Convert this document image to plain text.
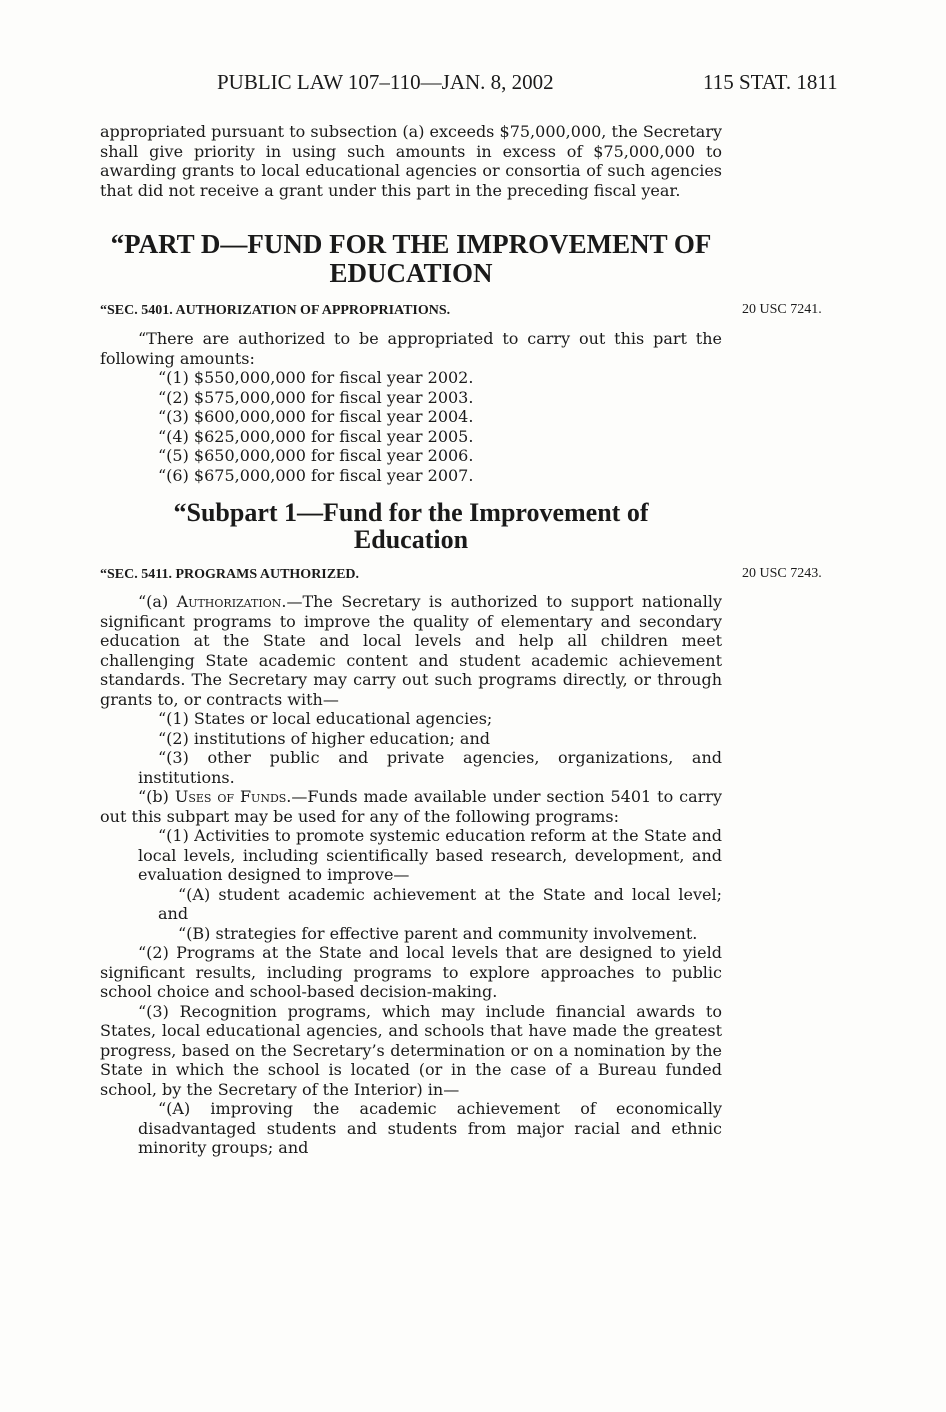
PUBLIC LAW 107–110—JAN. 8, 2002	115 STAT. 1811

appropriated pursuant to subsection (a) exceeds $75,000,000, the Secretary shall give priority in using such amounts in excess of $75,000,000 to awarding grants to local educational agencies or consortia of such agencies that did not receive a grant under this part in the preceding fiscal year.

“PART D—FUND FOR THE IMPROVEMENT OF
EDUCATION
“SEC. 5401. AUTHORIZATION OF APPROPRIATIONS.

“There are authorized to be appropriated to carry out this part the following amounts:

“(1) $550,000,000 for fiscal year 2002.

“(2) $575,000,000 for fiscal year 2003.

“(3) $600,000,000 for fiscal year 2004.

“(4) $625,000,000 for fiscal year 2005.

“(5) $650,000,000 for fiscal year 2006.

“(6) $675,000,000 for fiscal year 2007.

20 USC 7241.
“Subpart 1—Fund for the Improvement of
Education
“SEC. 5411. PROGRAMS AUTHORIZED.

“(a) Authorization.—The Secretary is authorized to support nationally significant programs to improve the quality of elementary and secondary education at the State and local levels and help all children meet challenging State academic content and student academic achievement standards. The Secretary may carry out such programs directly, or through grants to, or contracts with—

“(1) States or local educational agencies;

“(2) institutions of higher education; and

“(3) other public and private agencies, organizations, and institutions.

“(b) Uses of Funds.—Funds made available under section 5401 to carry out this subpart may be used for any of the following programs:

“(1) Activities to promote systemic education reform at the State and local levels, including scientifically based research, development, and evaluation designed to improve—

“(A) student academic achievement at the State and local level; and

“(B) strategies for effective parent and community involvement.

“(2) Programs at the State and local levels that are designed to yield significant results, including programs to explore approaches to public school choice and school-based decision-making.

“(3) Recognition programs, which may include financial awards to States, local educational agencies, and schools that have made the greatest progress, based on the Secretary’s determination or on a nomination by the State in which the school is located (or in the case of a Bureau funded school, by the Secretary of the Interior) in—

“(A) improving the academic achievement of economically disadvantaged students and students from major racial and ethnic minority groups; and

20 USC 7243.
